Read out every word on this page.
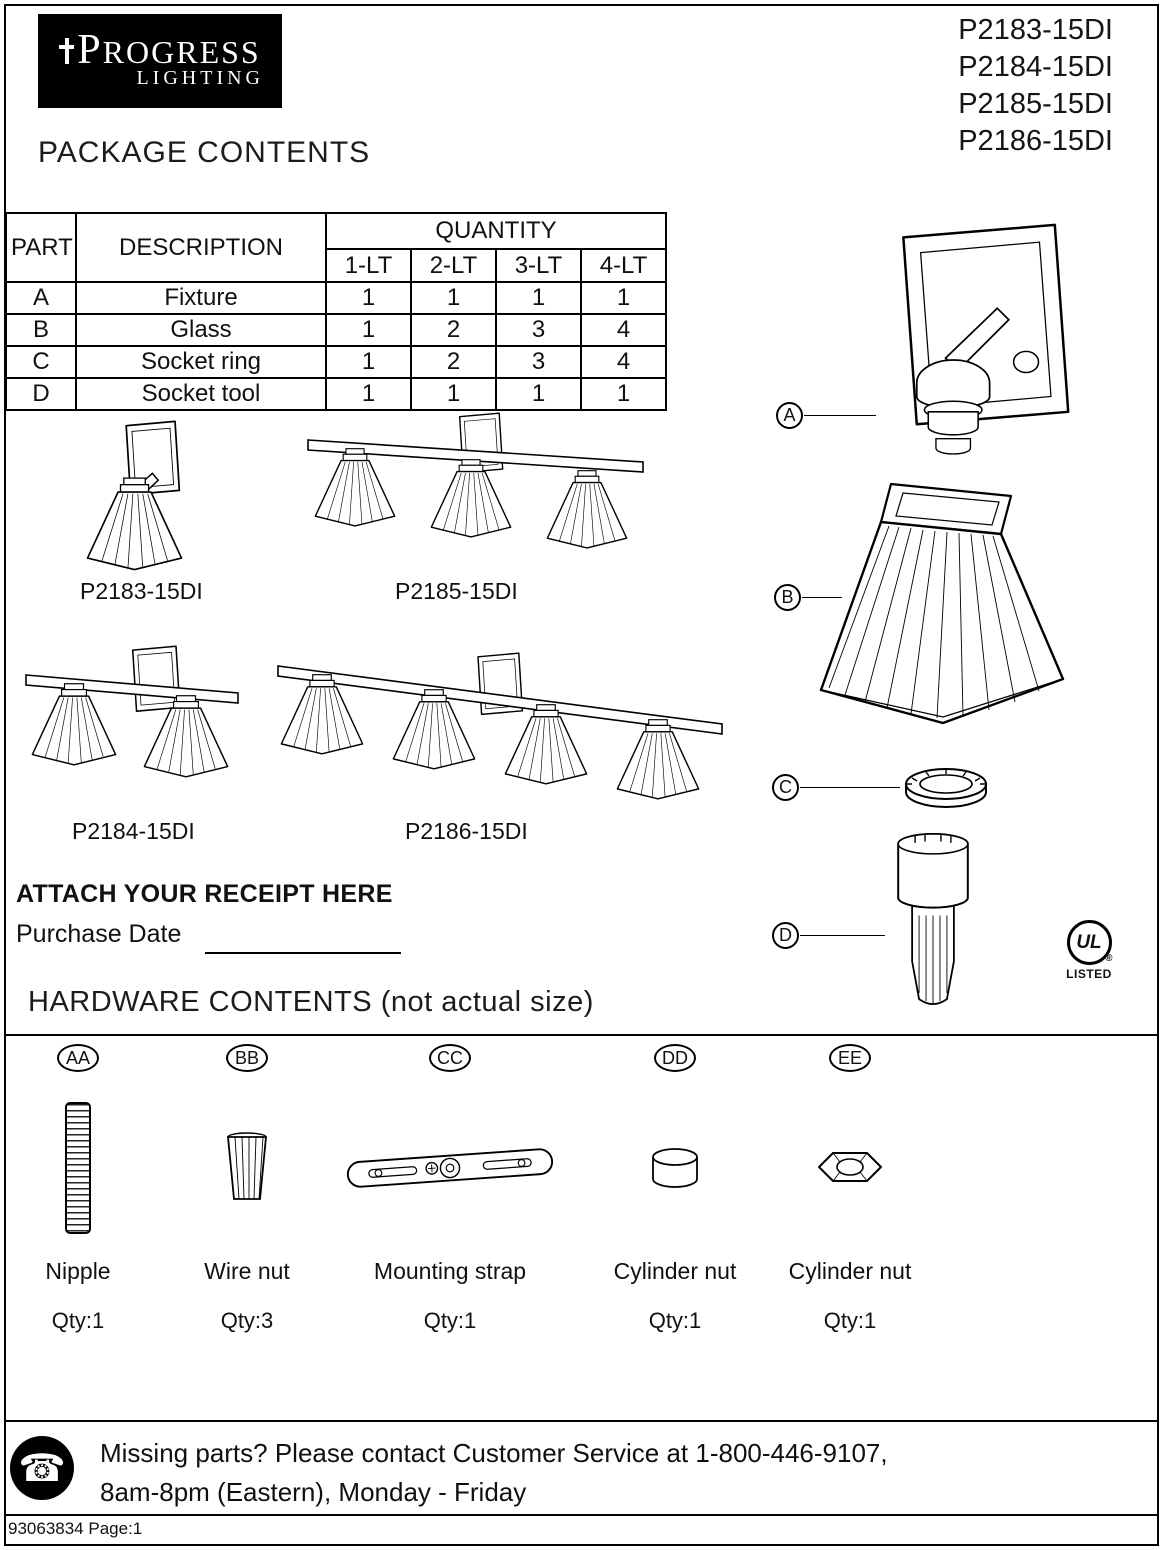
PROGRESS
LIGHTING
P2183-15DI
P2184-15DI
P2185-15DI
P2186-15DI
PACKAGE CONTENTS
PART	DESCRIPTION	QUANTITY			
		1-LT	2-LT	3-LT	4-LT
A	Fixture	1	1	1	1
B	Glass	1	2	3	4
C	Socket ring	1	2	3	4
D	Socket tool	1	1	1	1
P2183-15DI	P2185-15DI
P2184-15DI	P2186-15DI
A
B
C
D	UL
®
LISTED
ATTACH YOUR RECEIPT HERE
Purchase Date
HARDWARE CONTENTS (not actual size)
AA
Nipple
Qty:1
BB
Wire nut
Qty:3
CC
Mounting strap
Qty:1
DD
Cylinder nut
Qty:1
EE
Cylinder nut
Qty:1
☎	Missing parts? Please contact Customer Service at 1-800-446-9107,
8am-8pm (Eastern), Monday - Friday
93063834 Page:1
